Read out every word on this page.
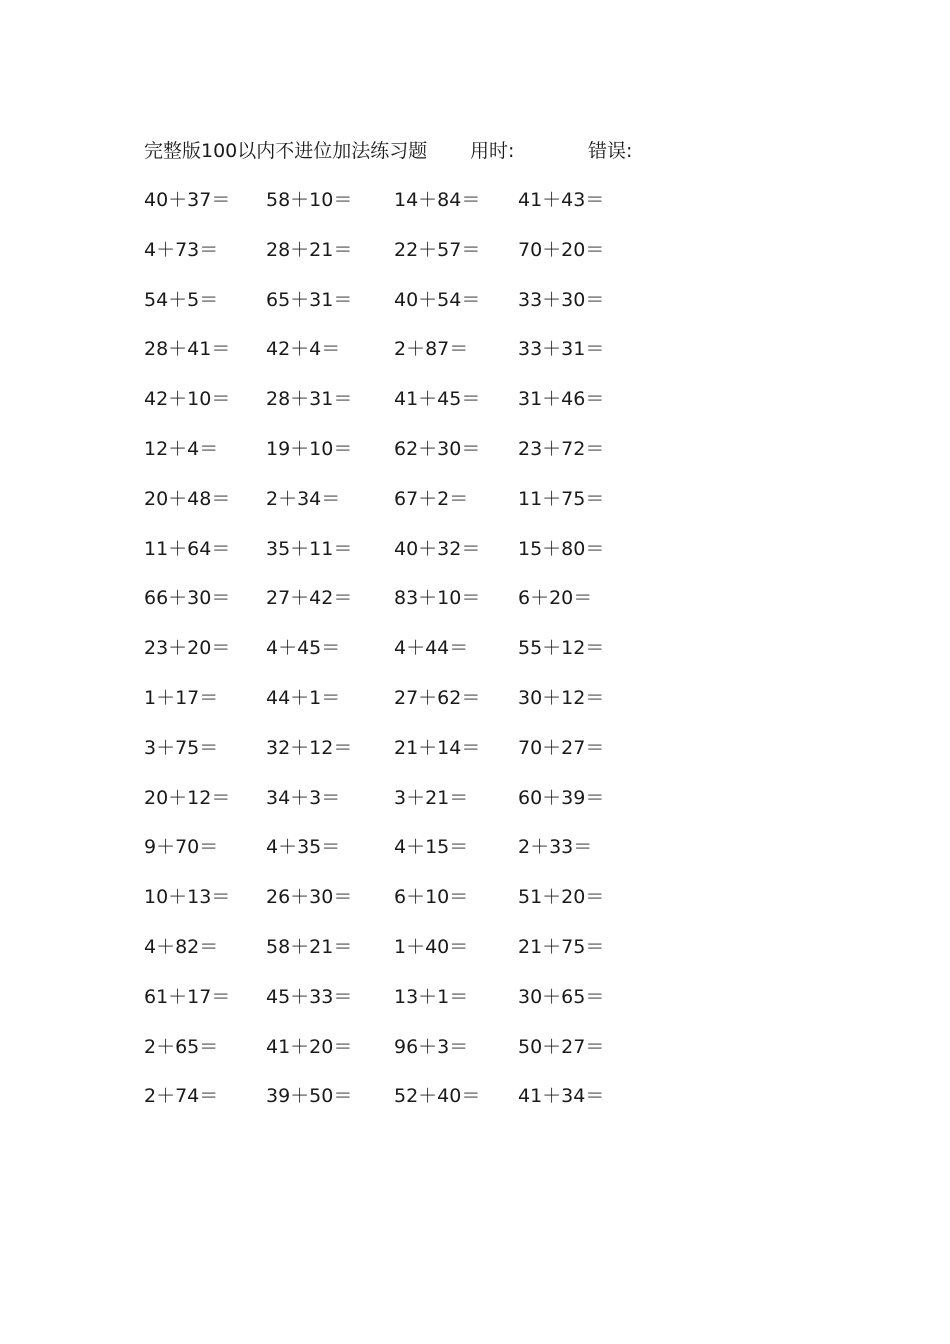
完整版100以内不进位加法练习题 用时:	错误:
40＋37＝ 58＋10＝ 14＋84＝ 41＋43＝
4＋73＝	28＋21＝ 22＋57＝ 70＋20＝
54＋5＝	65＋31＝ 40＋54＝ 33＋30＝
28＋41＝ 42＋4＝	2＋87＝	33＋31＝
42＋10＝ 28＋31＝ 41＋45＝ 31＋46＝
12＋4＝	19＋10＝ 62＋30＝ 23＋72＝
20＋48＝ 2＋34＝	67＋2＝	11＋75＝
11＋64＝ 35＋11＝ 40＋32＝ 15＋80＝
66＋30＝ 27＋42＝ 83＋10＝ 6＋20＝
23＋20＝ 4＋45＝	4＋44＝	55＋12＝
1＋17＝	44＋1＝	27＋62＝ 30＋12＝
3＋75＝	32＋12＝ 21＋14＝ 70＋27＝
20＋12＝ 34＋3＝	3＋21＝	60＋39＝
9＋70＝	4＋35＝	4＋15＝	2＋33＝
10＋13＝ 26＋30＝ 6＋10＝	51＋20＝
4＋82＝	58＋21＝ 1＋40＝	21＋75＝
61＋17＝ 45＋33＝ 13＋1＝	30＋65＝
2＋65＝	41＋20＝ 96＋3＝	50＋27＝
2＋74＝	39＋50＝ 52＋40＝ 41＋34＝
